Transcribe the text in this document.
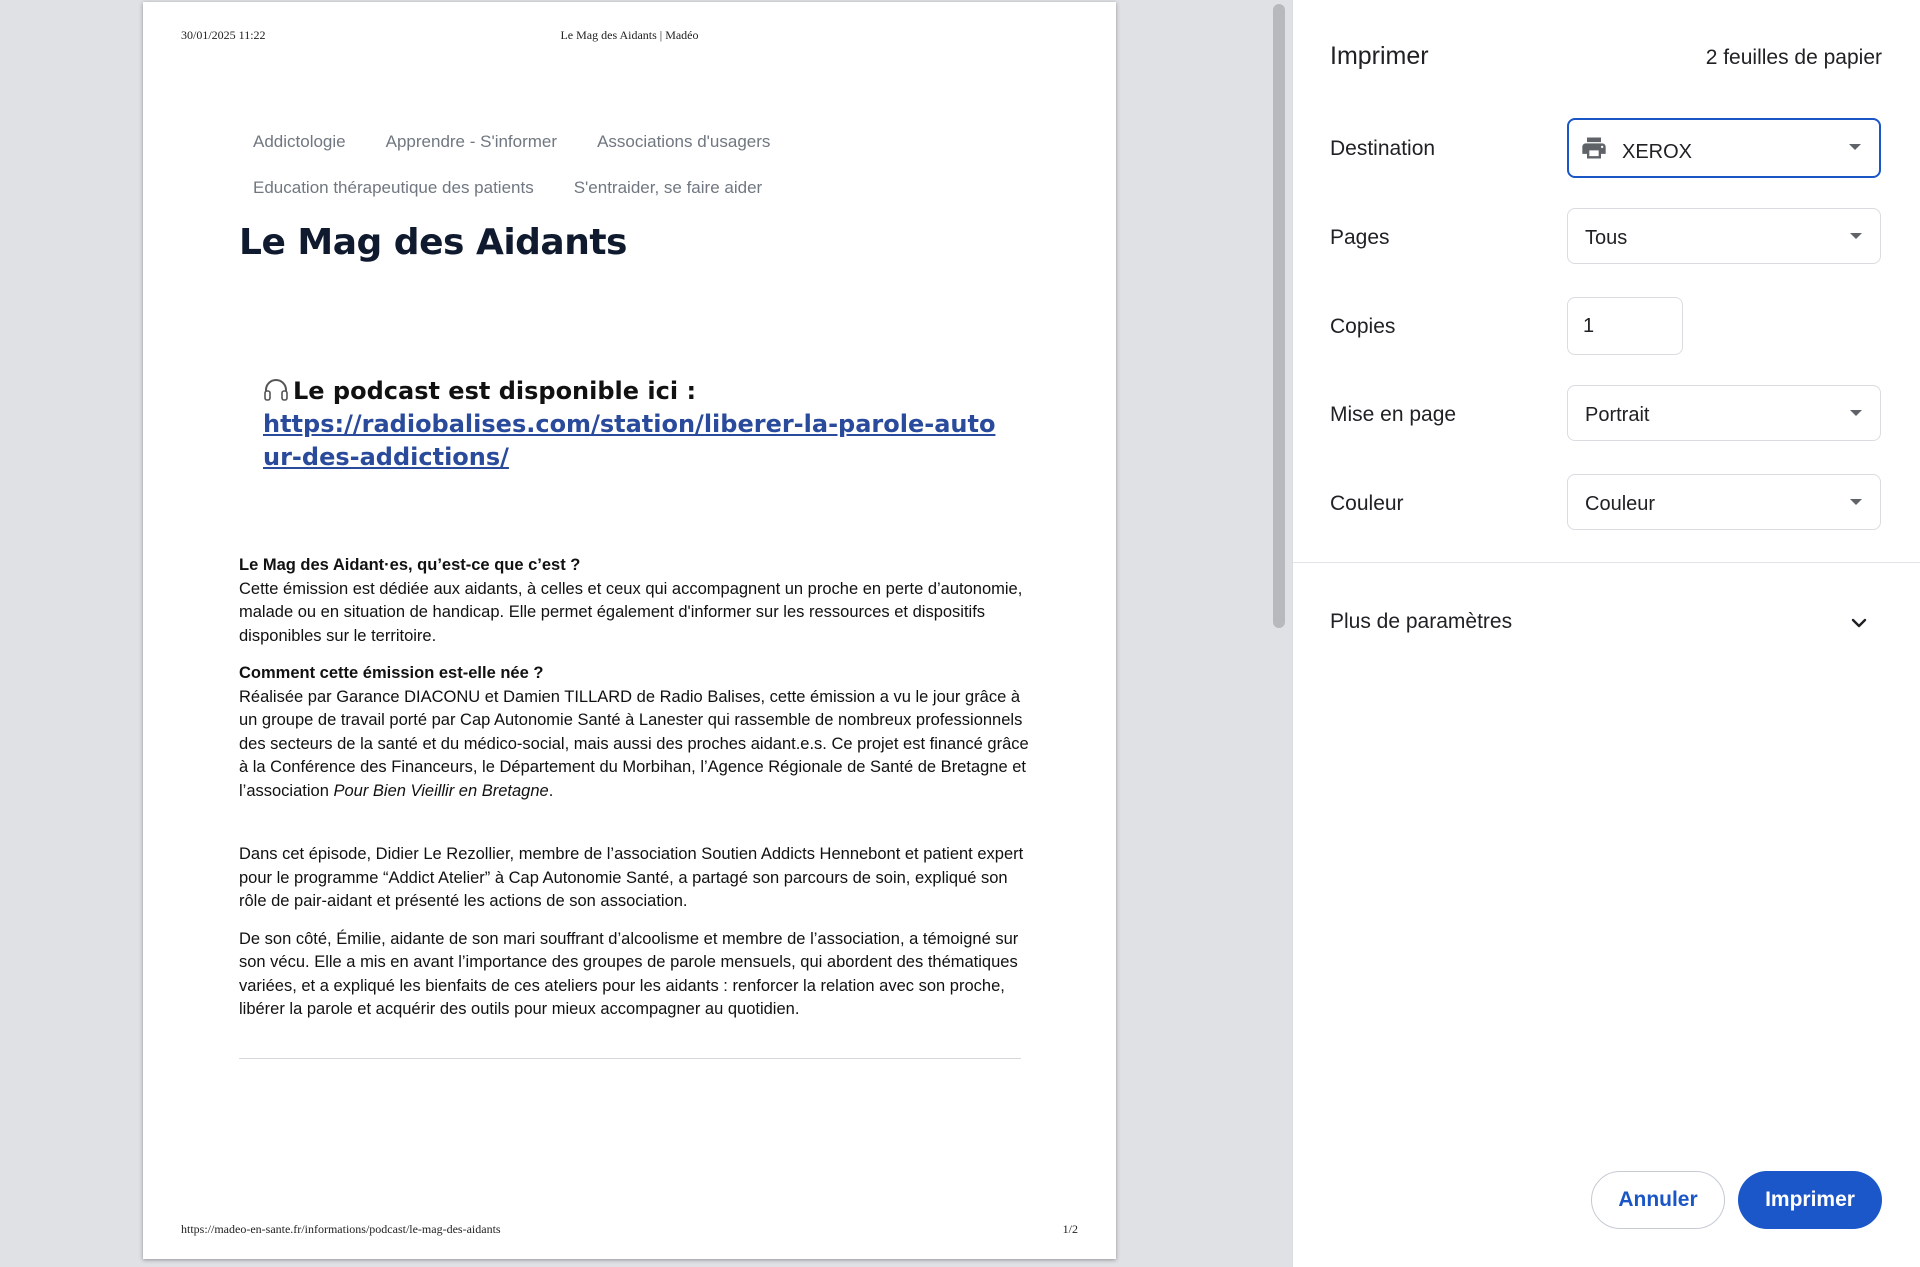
30/01/2025 11:22	Le Mag des Aidants | Madéo
Addictologie Apprendre - S'informer Associations d'usagers
Education thérapeutique des patients S'entraider, se faire aider
Le Mag des Aidants
Le podcast est disponible ici :
https://radiobalises.com/station/liberer-la-parole-autour-des-addictions/

Le Mag des Aidant·es, qu’est-ce que c’est ?
Cette émission est dédiée aux aidants, à celles et ceux qui accompagnent un proche en perte d’autonomie, malade ou en situation de handicap. Elle permet également d'informer sur les ressources et dispositifs disponibles sur le territoire.

Comment cette émission est-elle née ?
Réalisée par Garance DIACONU et Damien TILLARD de Radio Balises, cette émission a vu le jour grâce à un groupe de travail porté par Cap Autonomie Santé à Lanester qui rassemble de nombreux professionnels des secteurs de la santé et du médico-social, mais aussi des proches aidant.e.s. Ce projet est financé grâce à la Conférence des Financeurs, le Département du Morbihan, l’Agence Régionale de Santé de Bretagne et l’association Pour Bien Vieillir en Bretagne.

Dans cet épisode, Didier Le Rezollier, membre de l’association Soutien Addicts Hennebont et patient expert pour le programme “Addict Atelier” à Cap Autonomie Santé, a partagé son parcours de soin, expliqué son rôle de pair-aidant et présenté les actions de son association.

De son côté, Émilie, aidante de son mari souffrant d’alcoolisme et membre de l’association, a témoigné sur son vécu. Elle a mis en avant l’importance des groupes de parole mensuels, qui abordent des thématiques variées, et a expliqué les bienfaits de ces ateliers pour les aidants : renforcer la relation avec son proche, libérer la parole et acquérir des outils pour mieux accompagner au quotidien.

https://madeo-en-sante.fr/informations/podcast/le-mag-des-aidants	1/2
Imprimer	2 feuilles de papier
Destination	XEROX
Pages	Tous
Copies
1
Mise en page	Portrait
Couleur	Couleur
Plus de paramètres
Annuler	Imprimer
